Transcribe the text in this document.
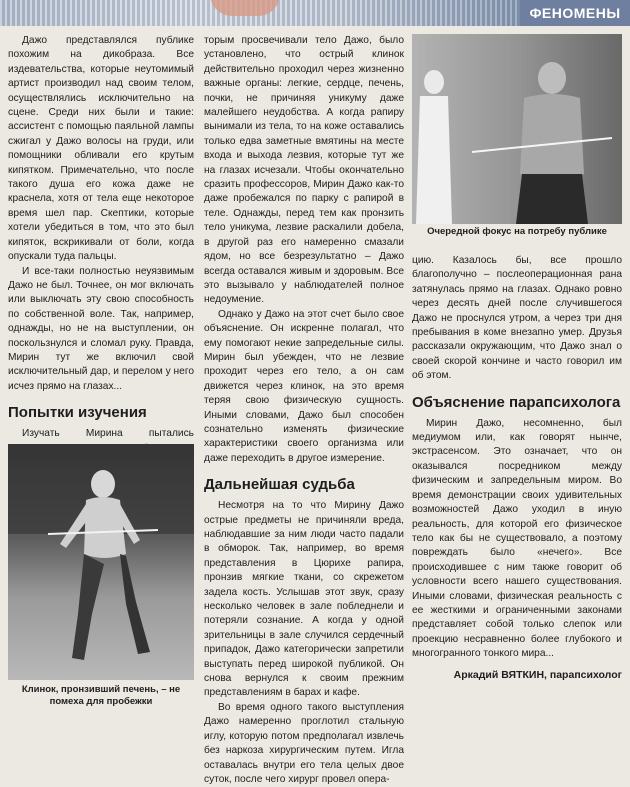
ФЕНОМЕНЫ

Дажо представлялся публике похожим на дикобраза. Все издевательства, которые неутомимый артист производил над своим телом, осуществлялись исключительно на сцене. Среди них были и такие: ассистент с помощью паяльной лампы сжигал у Дажо волосы на груди, или помощники обливали его крутым кипятком. Примечательно, что после такого душа его кожа даже не краснела, хотя от тела еще некоторое время шел пар. Скептики, которые хотели убедиться в том, что это был кипяток, вскрикивали от боли, когда опускали туда пальцы.

И все-таки полностью неуязвимым Дажо не был. Точнее, он мог включать или выключать эту свою способность по собственной воле. Так, например, однажды, но не на выступлении, он поскользнулся и сломал руку. Правда, Мирин тут же включил свой исключительный дар, и перелом у него исчез прямо на глазах...

Попытки изучения

Изучать Мирина пытались

Клинок, пронзивший печень, – не помеха для пробежки

торым просвечивали тело Дажо, было установлено, что острый клинок действительно проходил через жизненно важные органы: легкие, сердце, печень, почки, не причиняя уникуму даже малейшего неудобства. А когда рапиру вынимали из тела, то на коже оставались только едва заметные вмятины на месте входа и выхода лезвия, которые тут же на глазах исчезали. Чтобы окончательно сразить профессоров, Мирин Дажо как-то даже пробежался по парку с рапирой в теле. Однажды, перед тем как пронзить тело уникума, лезвие раскалили добела, в другой раз его намеренно смазали ядом, но все безрезультатно – Дажо всегда оставался живым и здоровым. Все это вызывало у наблюдателей полное недоумение.

Однако у Дажо на этот счет было свое объяснение. Он искренне полагал, что ему помогают некие запредельные силы. Мирин был убежден, что не лезвие проходит через его тело, а он сам движется через клинок, на это время теряя свою физическую сущность. Иными словами, Дажо был способен сознательно изменять физические характеристики своего организма или даже переходить в другое измерение.

Дальнейшая судьба

Несмотря на то что Мирину Дажо острые предметы не причиняли вреда, наблюдавшие за ним люди часто падали в обморок. Так, например, во время представления в Цюрихе рапира, пронзив мягкие ткани, со скрежетом задела кость. Услышав этот звук, сразу несколько человек в зале побледнели и потеряли сознание. А когда у одной зрительницы в зале случился сердечный припадок, Дажо категорически запретили выступать перед широкой публикой. Он снова вернулся к своим прежним представлениям в барах и кафе.

Во время одного такого выступления Дажо намеренно проглотил стальную иглу, которую потом предполагал извлечь без наркоза хирургическим путем. Игла оставалась внутри его тела целых двое суток, после чего хирург провел опера-

Очередной фокус на потребу публике

цию. Казалось бы, все прошло благополучно – послеоперационная рана затянулась прямо на глазах. Однако ровно через десять дней после случившегося Дажо не проснулся утром, а через три дня пребывания в коме внезапно умер. Друзья рассказали окружающим, что Дажо знал о своей скорой кончине и часто говорил им об этом.

Объяснение парапсихолога

Мирин Дажо, несомненно, был медиумом или, как говорят нынче, экстрасенсом. Это означает, что он оказывался посредником между физическим и запредельным миром. Во время демонстрации своих удивительных возможностей Дажо уходил в иную реальность, для которой его физическое тело как бы не существовало, а поэтому повреждать было «нечего». Все происходившее с ним также говорит об условности всего нашего существования. Иными словами, физическая реальность с ее жесткими и ограниченными законами представляет собой только слепок или проекцию несравненно более глубокого и многогранного тонкого мира...

Аркадий ВЯТКИН, парапсихолог
